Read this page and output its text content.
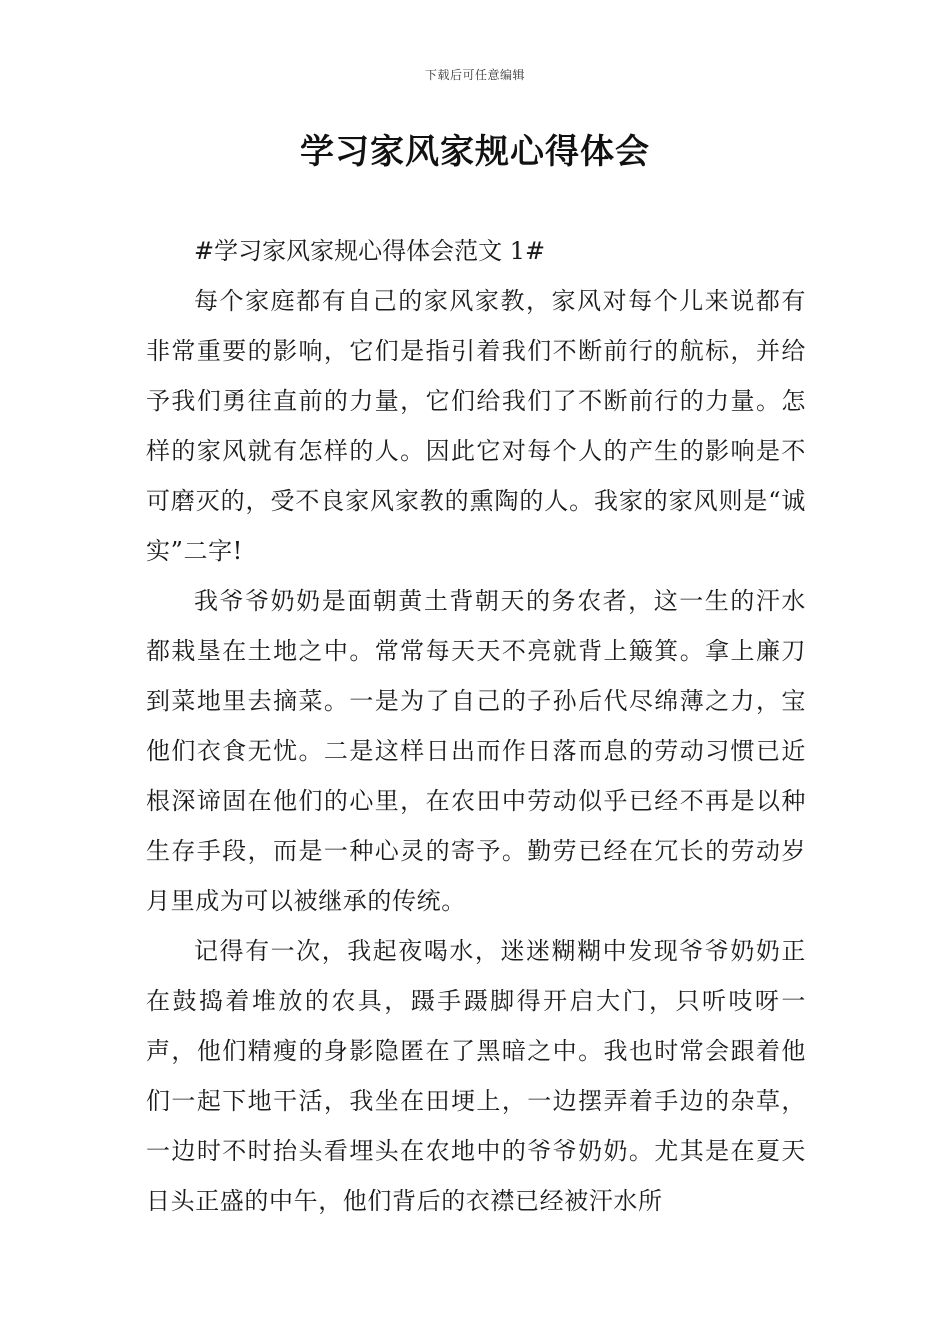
下载后可任意编辑
学习家风家规心得体会

#学习家风家规心得体会范文 1#

每个家庭都有自己的家风家教，家风对每个儿来说都有非常重要的影响，它们是指引着我们不断前行的航标，并给予我们勇往直前的力量，它们给我们了不断前行的力量。怎样的家风就有怎样的人。因此它对每个人的产生的影响是不可磨灭的，受不良家风家教的熏陶的人。我家的家风则是“诚实”二字!

我爷爷奶奶是面朝黄土背朝天的务农者，这一生的汗水都栽垦在土地之中。常常每天天不亮就背上簸箕。拿上廉刀到菜地里去摘菜。一是为了自己的子孙后代尽绵薄之力，宝他们衣食无忧。二是这样日出而作日落而息的劳动习惯已近根深谛固在他们的心里，在农田中劳动似乎已经不再是以种生存手段，而是一种心灵的寄予。勤劳已经在冗长的劳动岁月里成为可以被继承的传统。

记得有一次，我起夜喝水，迷迷糊糊中发现爷爷奶奶正在鼓捣着堆放的农具，蹑手蹑脚得开启大门，只听吱呀一声，他们精瘦的身影隐匿在了黑暗之中。我也时常会跟着他们一起下地干活，我坐在田埂上，一边摆弄着手边的杂草，一边时不时抬头看埋头在农地中的爷爷奶奶。尤其是在夏天日头正盛的中午，他们背后的衣襟已经被汗水所
